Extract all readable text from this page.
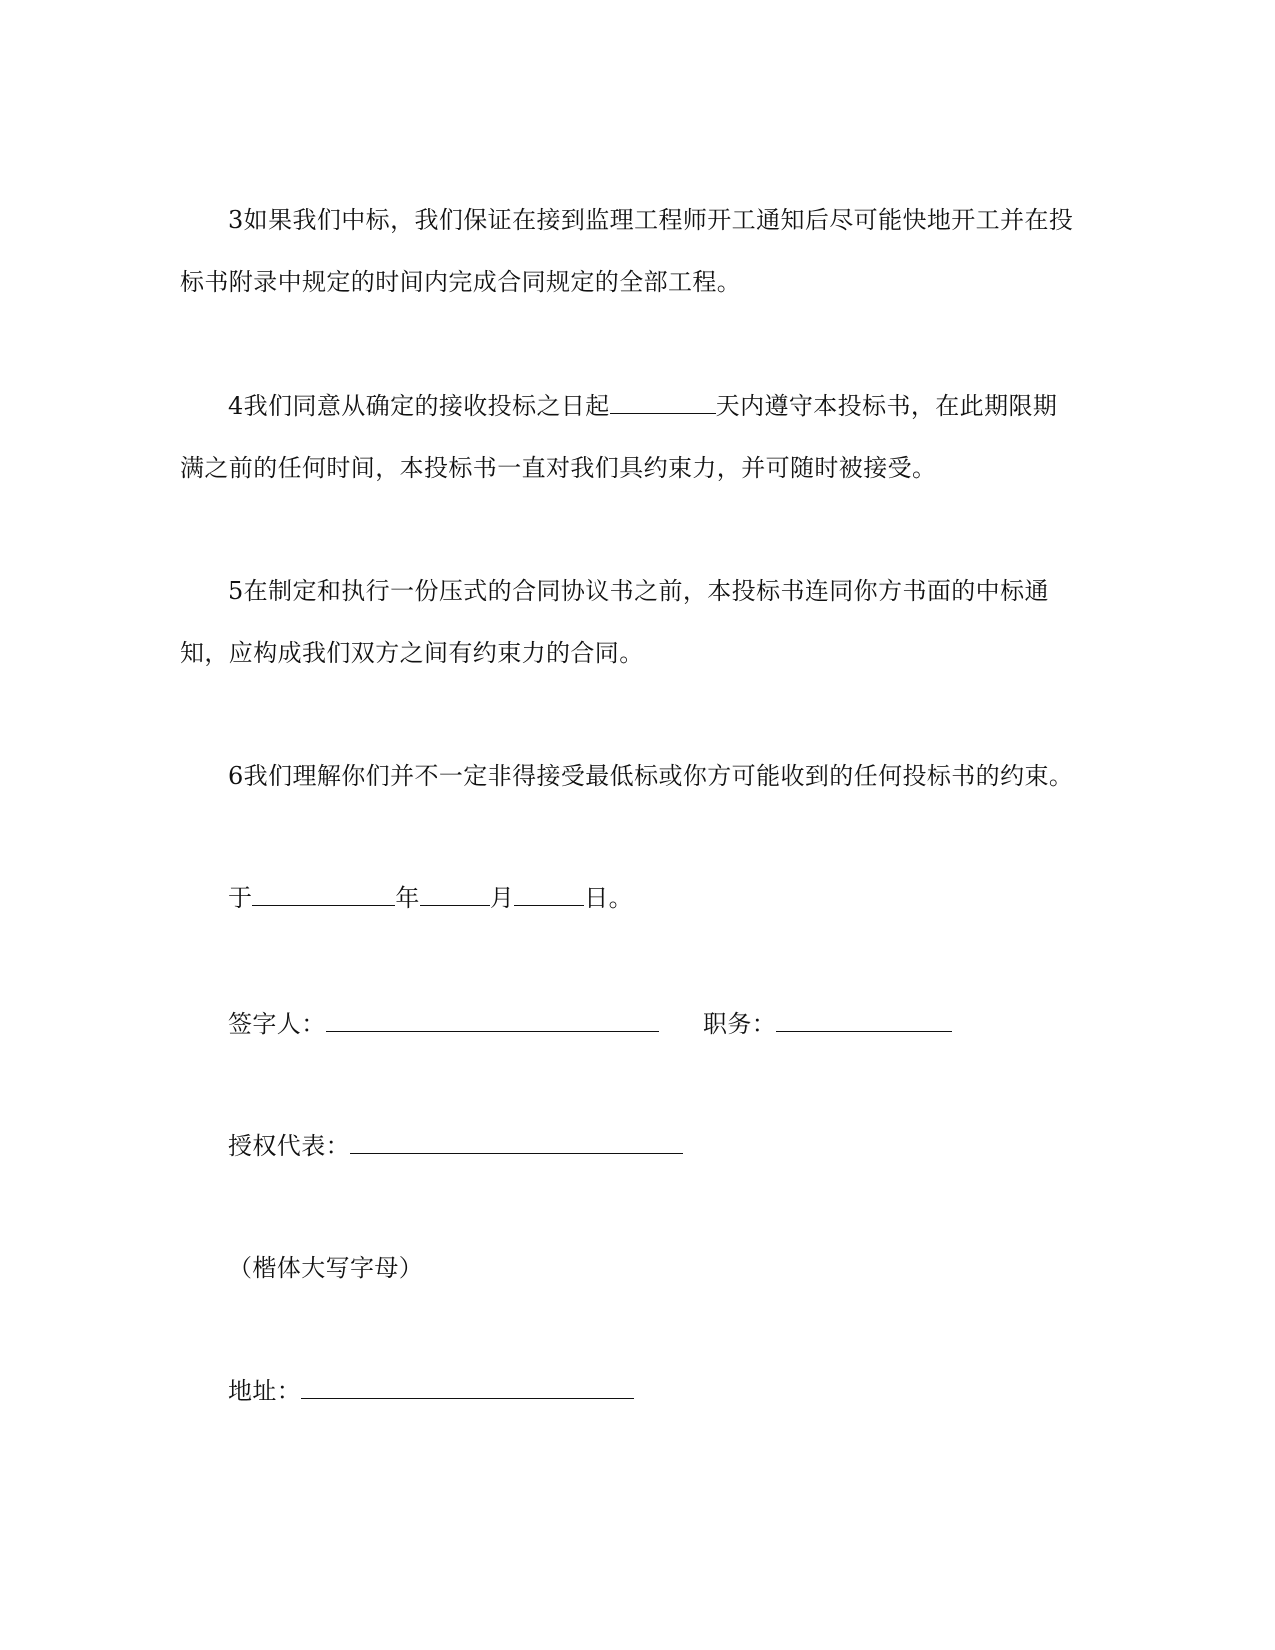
3如果我们中标，我们保证在接到监理工程师开工通知后尽可能快地开工并在投
标书附录中规定的时间内完成合同规定的全部工程。
4我们同意从确定的接收投标之日起	天内遵守本投标书，在此期限期
满之前的任何时间，本投标书一直对我们具约束力，并可随时被接受。
5在制定和执行一份压式的合同协议书之前，本投标书连同你方书面的中标通
知，应构成我们双方之间有约束力的合同。
6我们理解你们并不一定非得接受最低标或你方可能收到的任何投标书的约束。
于	年	月	日。
签字人：	职务：
授权代表：
（楷体大写字母）
地址：
